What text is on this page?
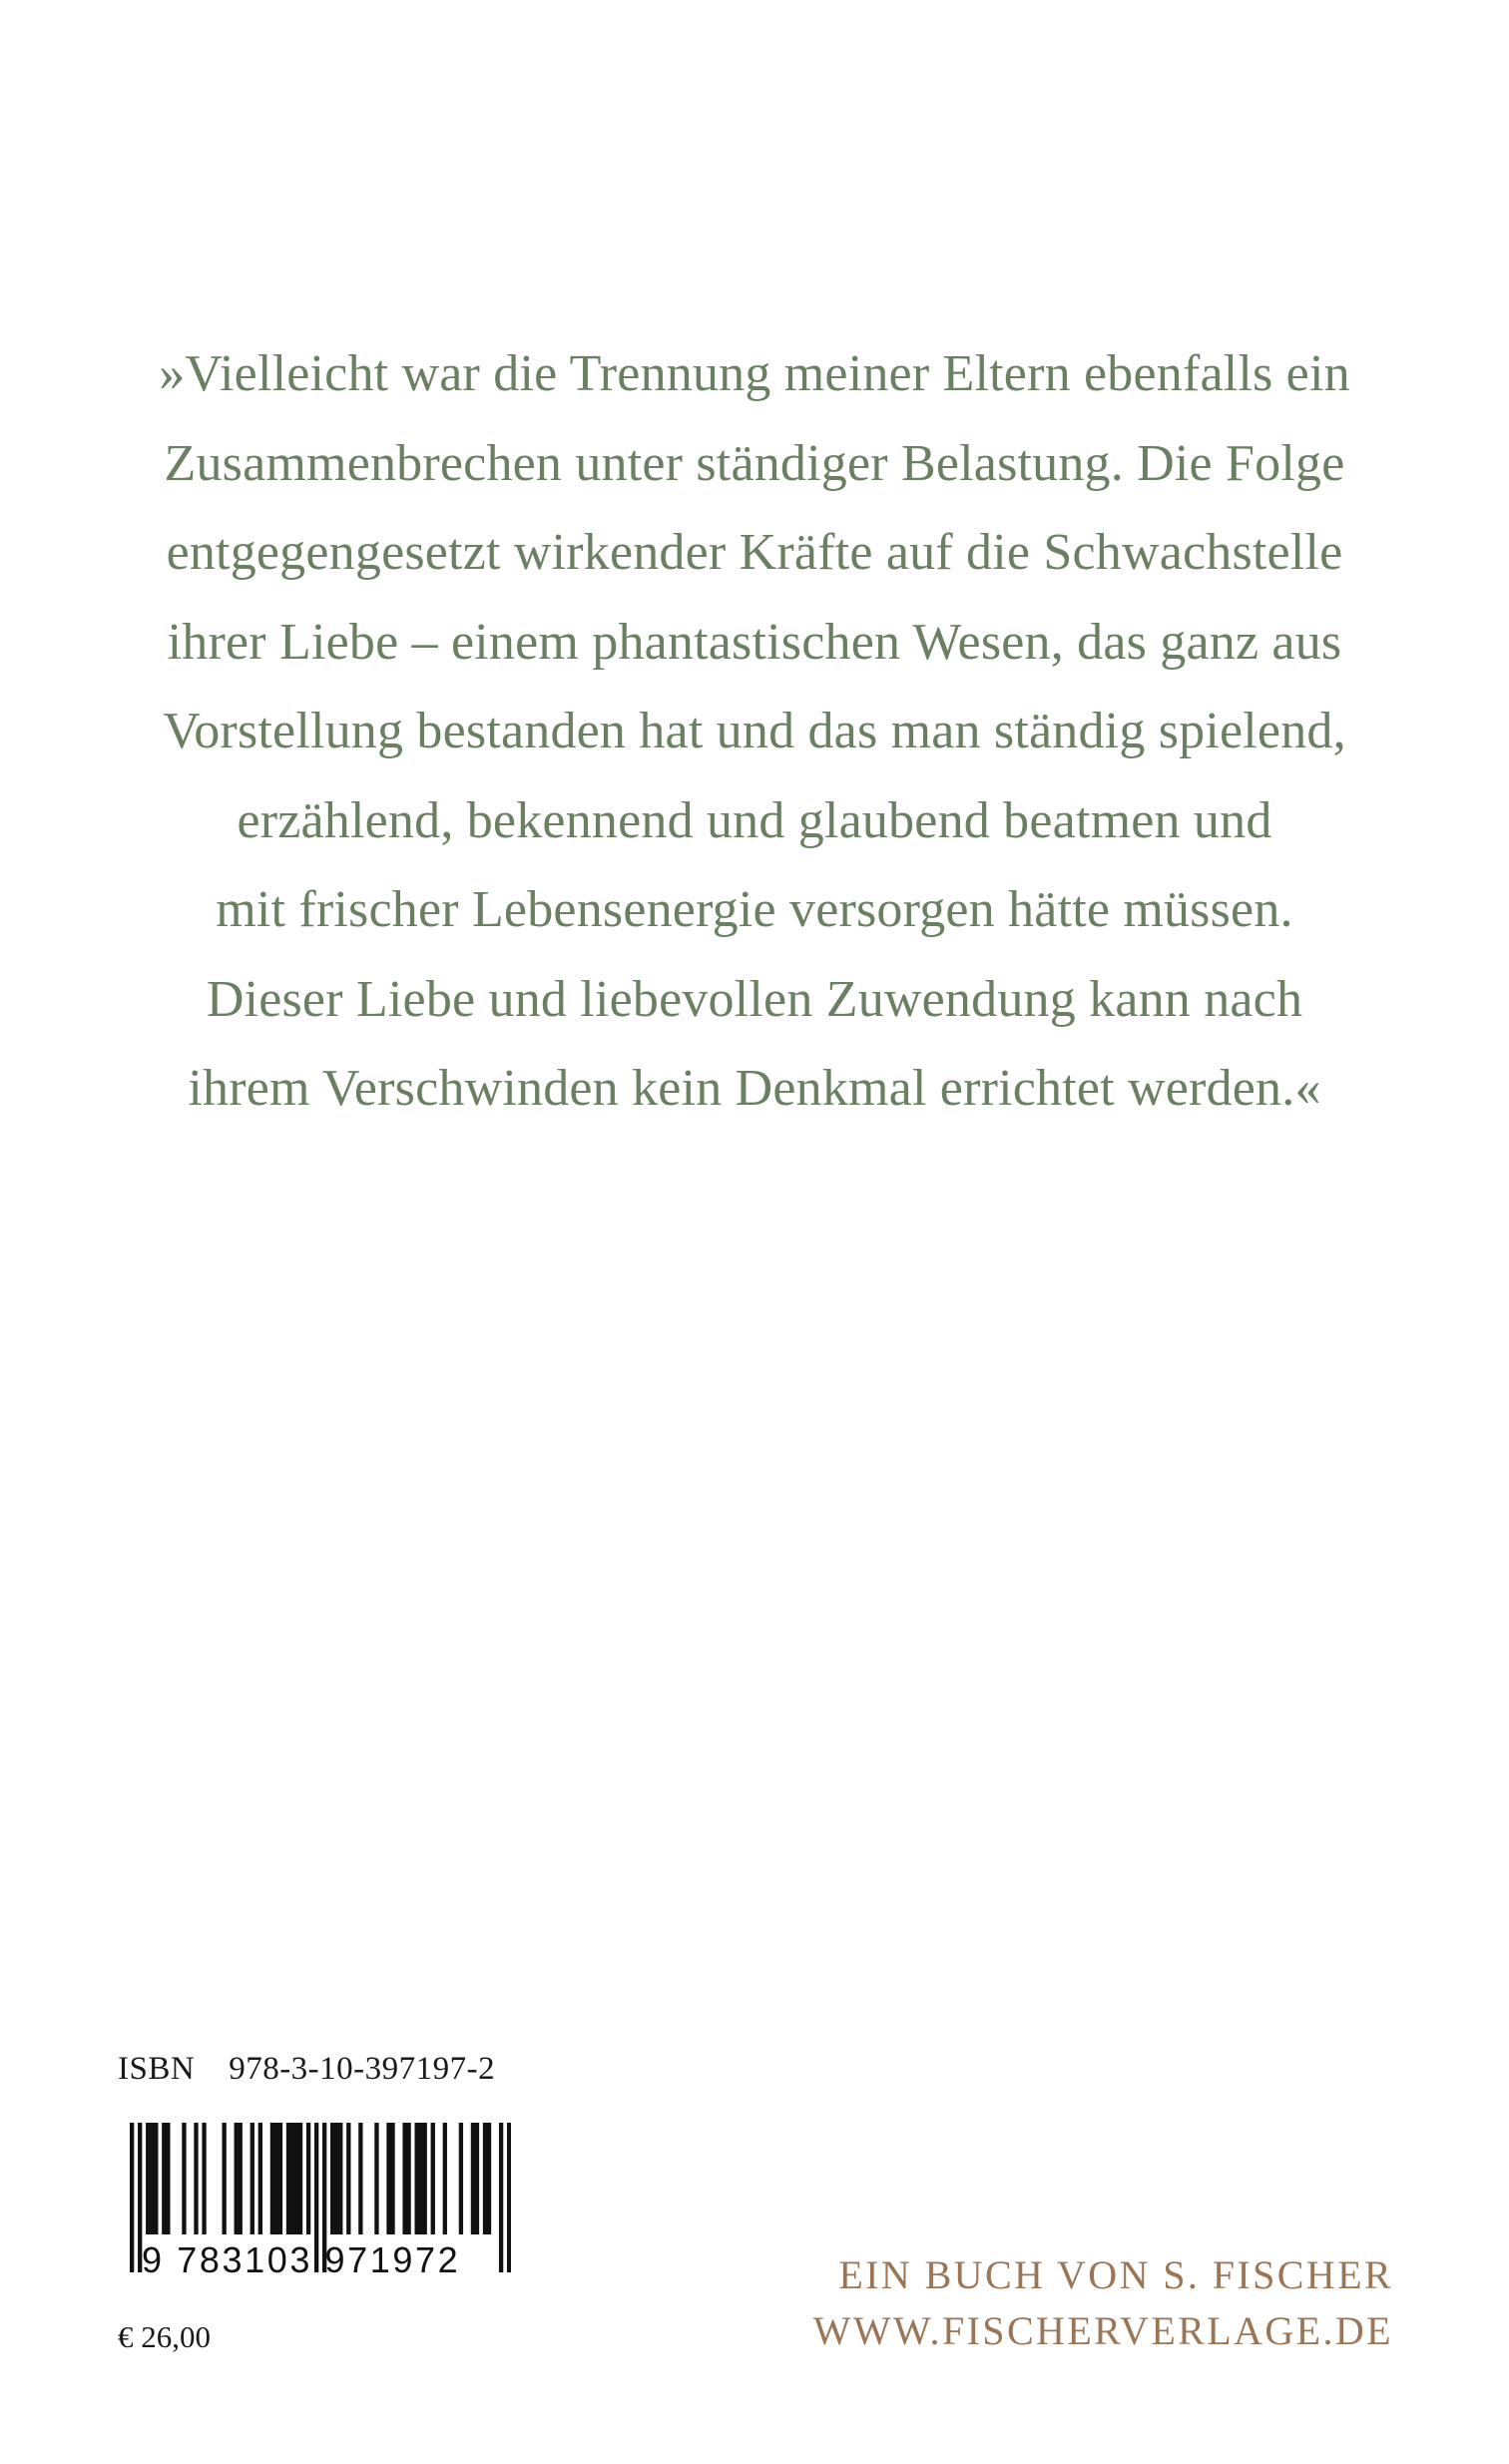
»Vielleicht war die Trennung meiner Eltern ebenfalls ein
Zusammenbrechen unter ständiger Belastung. Die Folge
entgegengesetzt wirkender Kräfte auf die Schwachstelle
ihrer Liebe – einem phantastischen Wesen, das ganz aus
Vorstellung bestanden hat und das man ständig spielend,
erzählend, bekennend und glaubend beatmen und
mit frischer Lebensenergie versorgen hätte müssen.
Dieser Liebe und liebevollen Zuwendung kann nach
ihrem Verschwinden kein Denkmal errichtet werden.«
ISBN 978-3-10-397197-2
9 783103 971972
€ 26,00
EIN BUCH VON S. FISCHER
WWW.FISCHERVERLAGE.DE
